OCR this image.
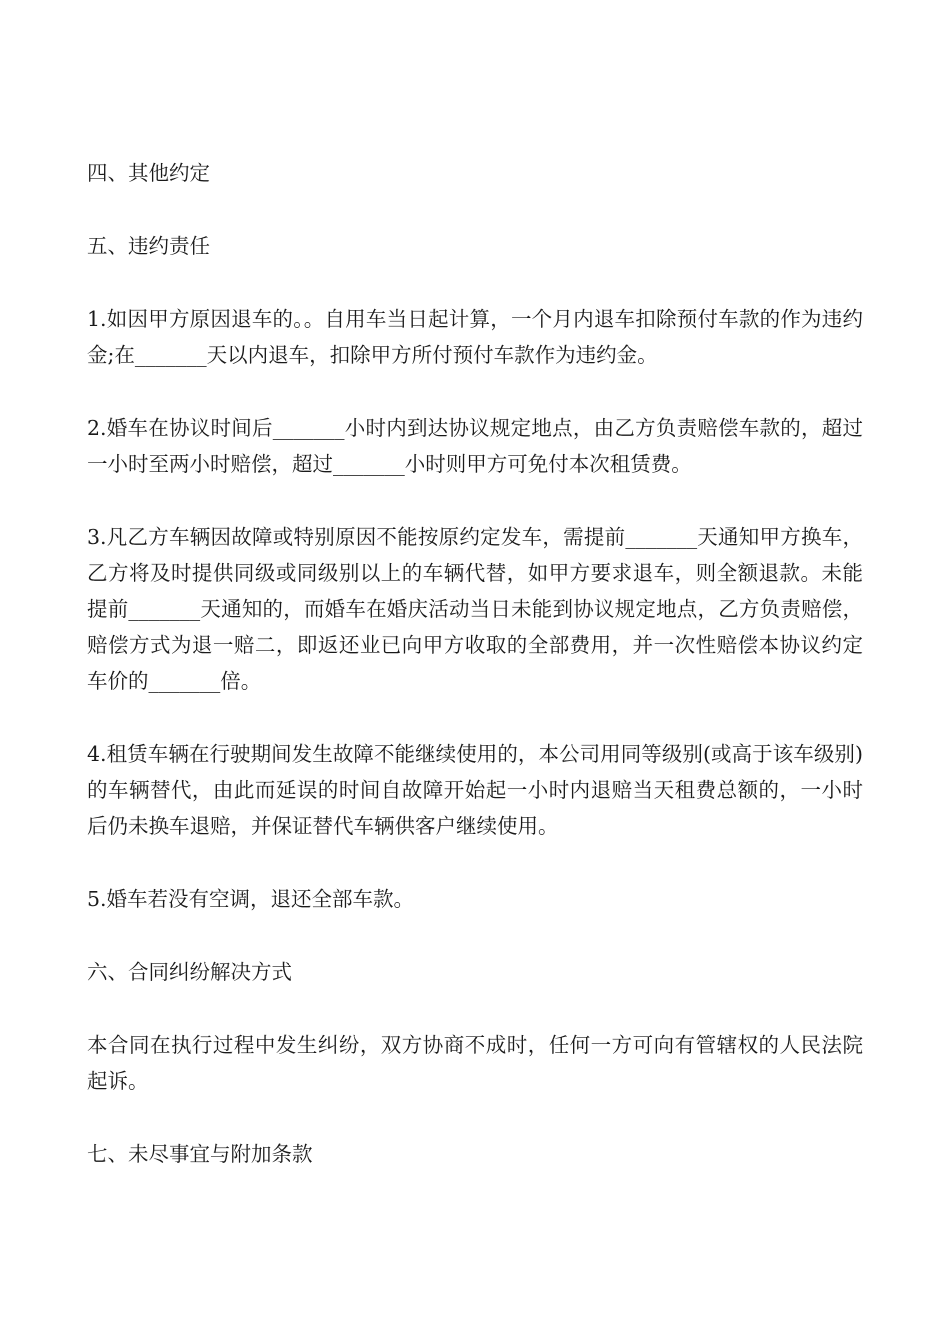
四、其他约定
五、违约责任
1.如因甲方原因退车的。。自用车当日起计算，一个月内退车扣除预付车款的作为违约金;在_______天以内退车，扣除甲方所付预付车款作为违约金。
2.婚车在协议时间后_______小时内到达协议规定地点，由乙方负责赔偿车款的，超过一小时至两小时赔偿，超过_______小时则甲方可免付本次租赁费。
3.凡乙方车辆因故障或特别原因不能按原约定发车，需提前_______天通知甲方换车，乙方将及时提供同级或同级别以上的车辆代替，如甲方要求退车，则全额退款。未能提前_______天通知的，而婚车在婚庆活动当日未能到协议规定地点，乙方负责赔偿，赔偿方式为退一赔二，即返还业已向甲方收取的全部费用，并一次性赔偿本协议约定车价的_______倍。
4.租赁车辆在行驶期间发生故障不能继续使用的，本公司用同等级别(或高于该车级别)的车辆替代，由此而延误的时间自故障开始起一小时内退赔当天租费总额的，一小时后仍未换车退赔，并保证替代车辆供客户继续使用。
5.婚车若没有空调，退还全部车款。
六、合同纠纷解决方式
本合同在执行过程中发生纠纷，双方协商不成时，任何一方可向有管辖权的人民法院起诉。
七、未尽事宜与附加条款
